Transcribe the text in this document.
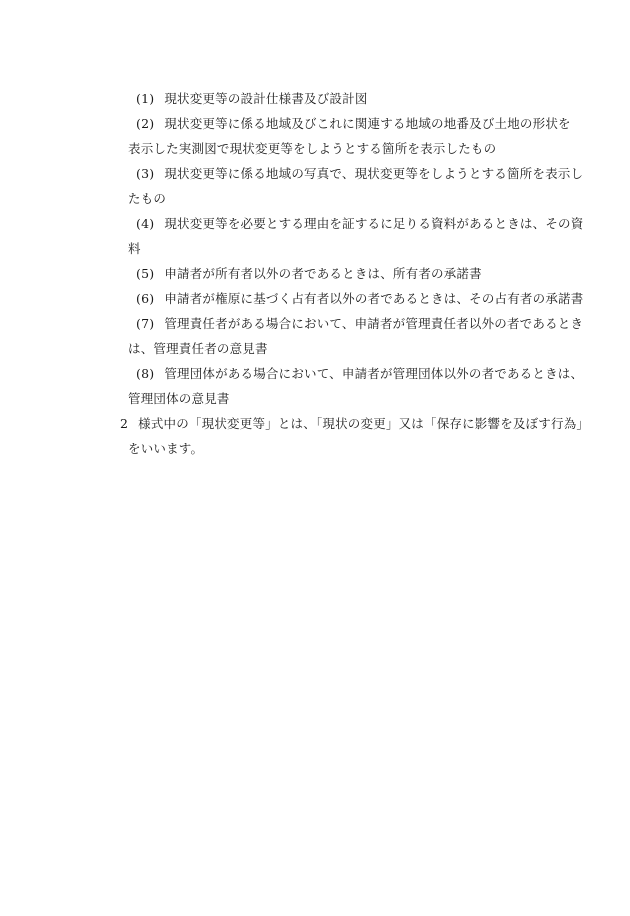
(1) 現状変更等の設計仕様書及び設計図
(2) 現状変更等に係る地域及びこれに関連する地域の地番及び土地の形状を
表示した実測図で現状変更等をしようとする箇所を表示したもの
(3) 現状変更等に係る地域の写真で、現状変更等をしようとする箇所を表示し
たもの
(4) 現状変更等を必要とする理由を証するに足りる資料があるときは、その資
料
(5) 申請者が所有者以外の者であるときは、所有者の承諾書
(6) 申請者が権原に基づく占有者以外の者であるときは、その占有者の承諾書
(7) 管理責任者がある場合において、申請者が管理責任者以外の者であるとき
は、管理責任者の意見書
(8) 管理団体がある場合において、申請者が管理団体以外の者であるときは、
管理団体の意見書
2 様式中の「現状変更等」とは、「現状の変更」又は「保存に影響を及ぼす行為」
をいいます。
